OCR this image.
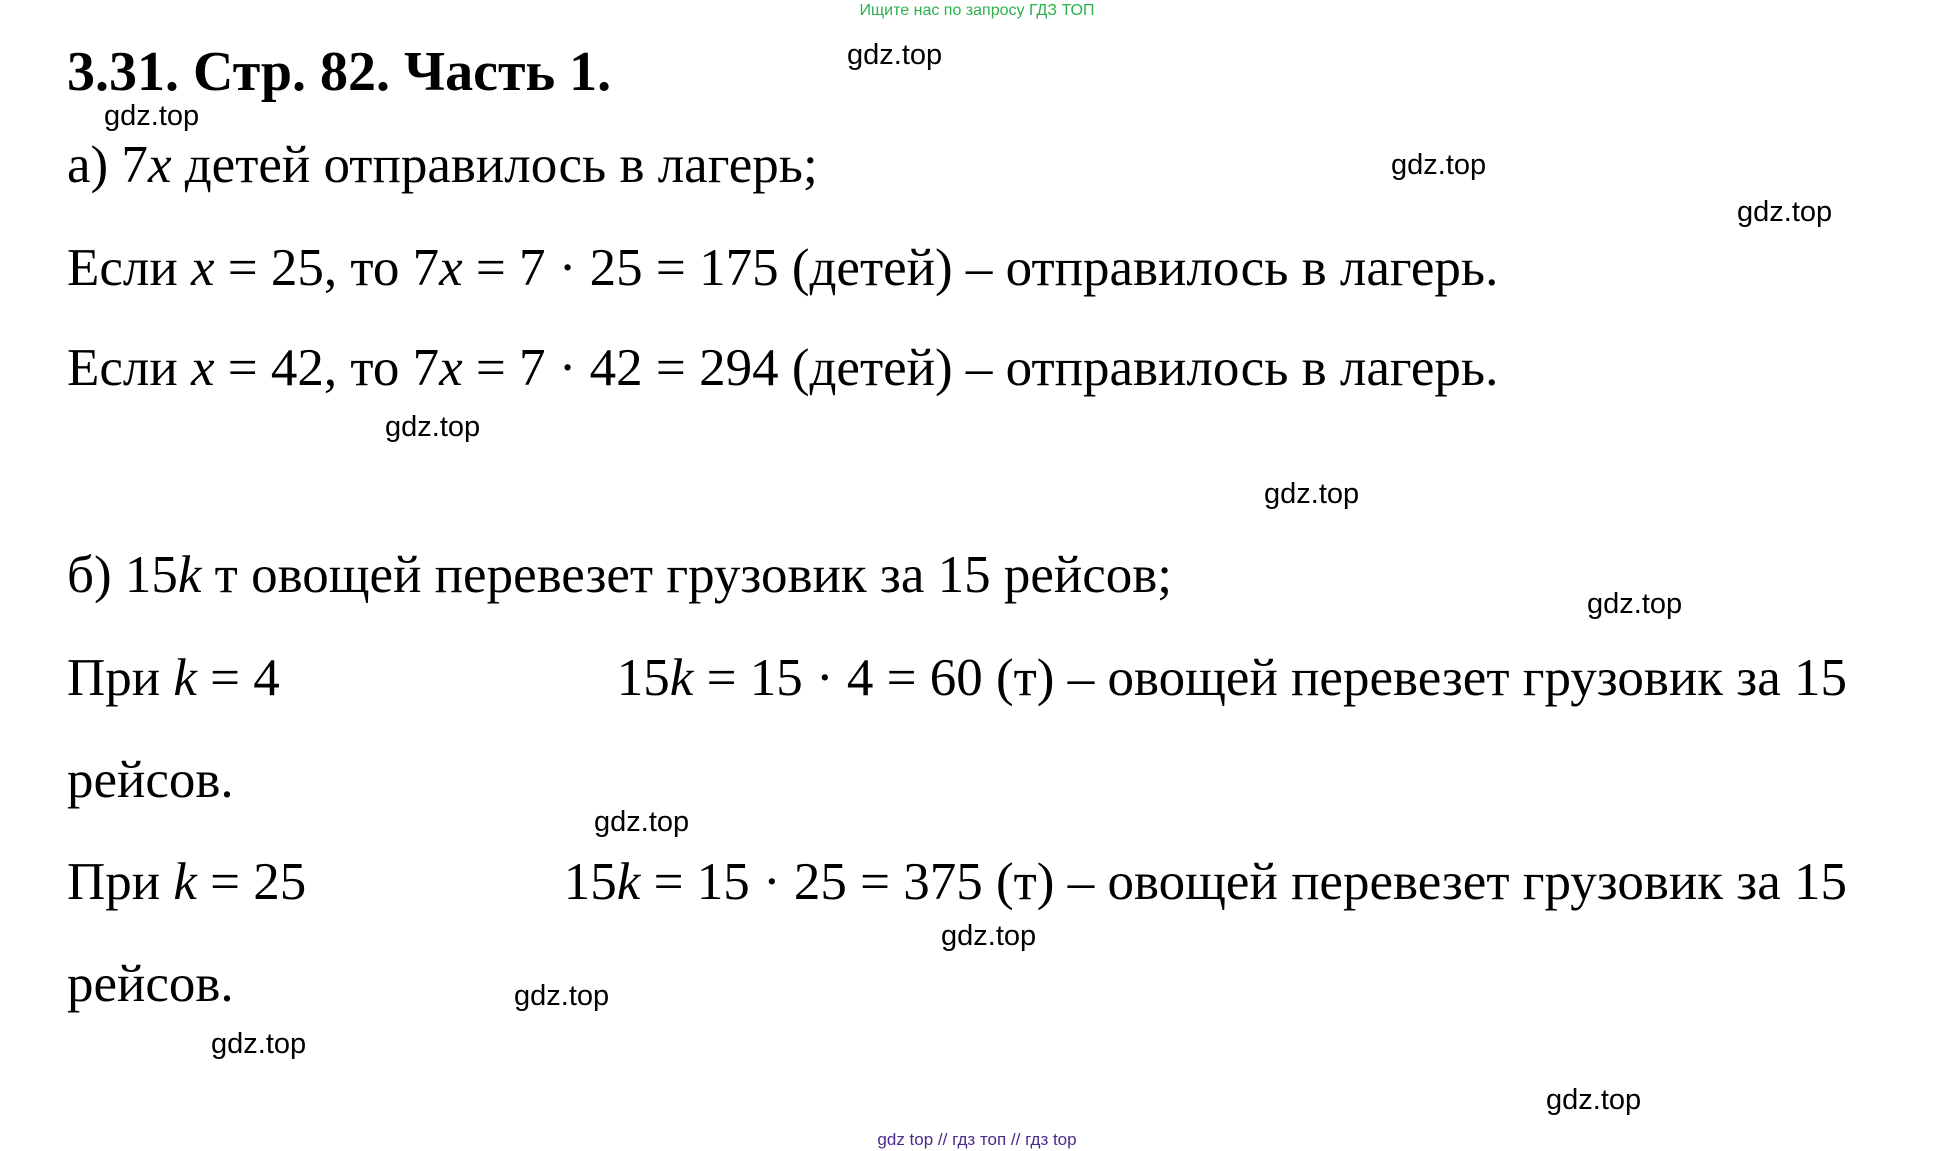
Ищите нас по запросу ГДЗ ТОП
3.31. Стр. 82. Часть 1.

а) 7x детей отправилось в лагерь;

Если x = 25, то 7x = 7 · 25 = 175 (детей) – отправилось в лагерь.

Если x = 42, то 7x = 7 · 42 = 294 (детей) – отправилось в лагерь.

б) 15k т овощей перевезет грузовик за 15 рейсов;

При k = 4	15k = 15 · 4 = 60 (т) – овощей перевезет грузовик за 15

рейсов.

При k = 25	15k = 15 · 25 = 375 (т) – овощей перевезет грузовик за 15

рейсов.

gdz.top
gdz.top
gdz.top
gdz.top
gdz.top
gdz.top
gdz.top
gdz.top
gdz.top
gdz.top
gdz.top
gdz.top
gdz top // гдз топ // гдз top
